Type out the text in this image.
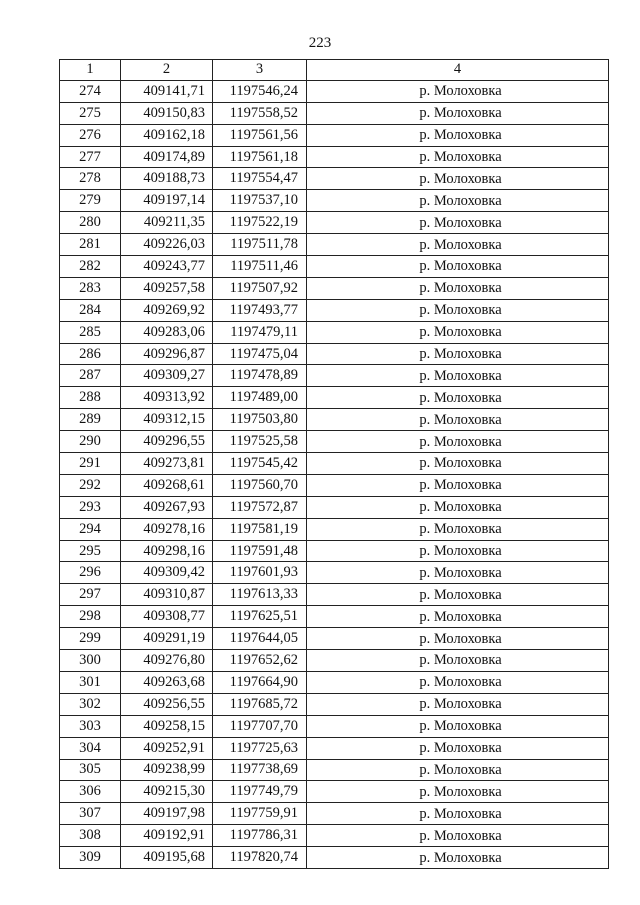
223
1	2	3	4
274	409141,71	1197546,24	р. Молоховка
275	409150,83	1197558,52	р. Молоховка
276	409162,18	1197561,56	р. Молоховка
277	409174,89	1197561,18	р. Молоховка
278	409188,73	1197554,47	р. Молоховка
279	409197,14	1197537,10	р. Молоховка
280	409211,35	1197522,19	р. Молоховка
281	409226,03	1197511,78	р. Молоховка
282	409243,77	1197511,46	р. Молоховка
283	409257,58	1197507,92	р. Молоховка
284	409269,92	1197493,77	р. Молоховка
285	409283,06	1197479,11	р. Молоховка
286	409296,87	1197475,04	р. Молоховка
287	409309,27	1197478,89	р. Молоховка
288	409313,92	1197489,00	р. Молоховка
289	409312,15	1197503,80	р. Молоховка
290	409296,55	1197525,58	р. Молоховка
291	409273,81	1197545,42	р. Молоховка
292	409268,61	1197560,70	р. Молоховка
293	409267,93	1197572,87	р. Молоховка
294	409278,16	1197581,19	р. Молоховка
295	409298,16	1197591,48	р. Молоховка
296	409309,42	1197601,93	р. Молоховка
297	409310,87	1197613,33	р. Молоховка
298	409308,77	1197625,51	р. Молоховка
299	409291,19	1197644,05	р. Молоховка
300	409276,80	1197652,62	р. Молоховка
301	409263,68	1197664,90	р. Молоховка
302	409256,55	1197685,72	р. Молоховка
303	409258,15	1197707,70	р. Молоховка
304	409252,91	1197725,63	р. Молоховка
305	409238,99	1197738,69	р. Молоховка
306	409215,30	1197749,79	р. Молоховка
307	409197,98	1197759,91	р. Молоховка
308	409192,91	1197786,31	р. Молоховка
309	409195,68	1197820,74	р. Молоховка
